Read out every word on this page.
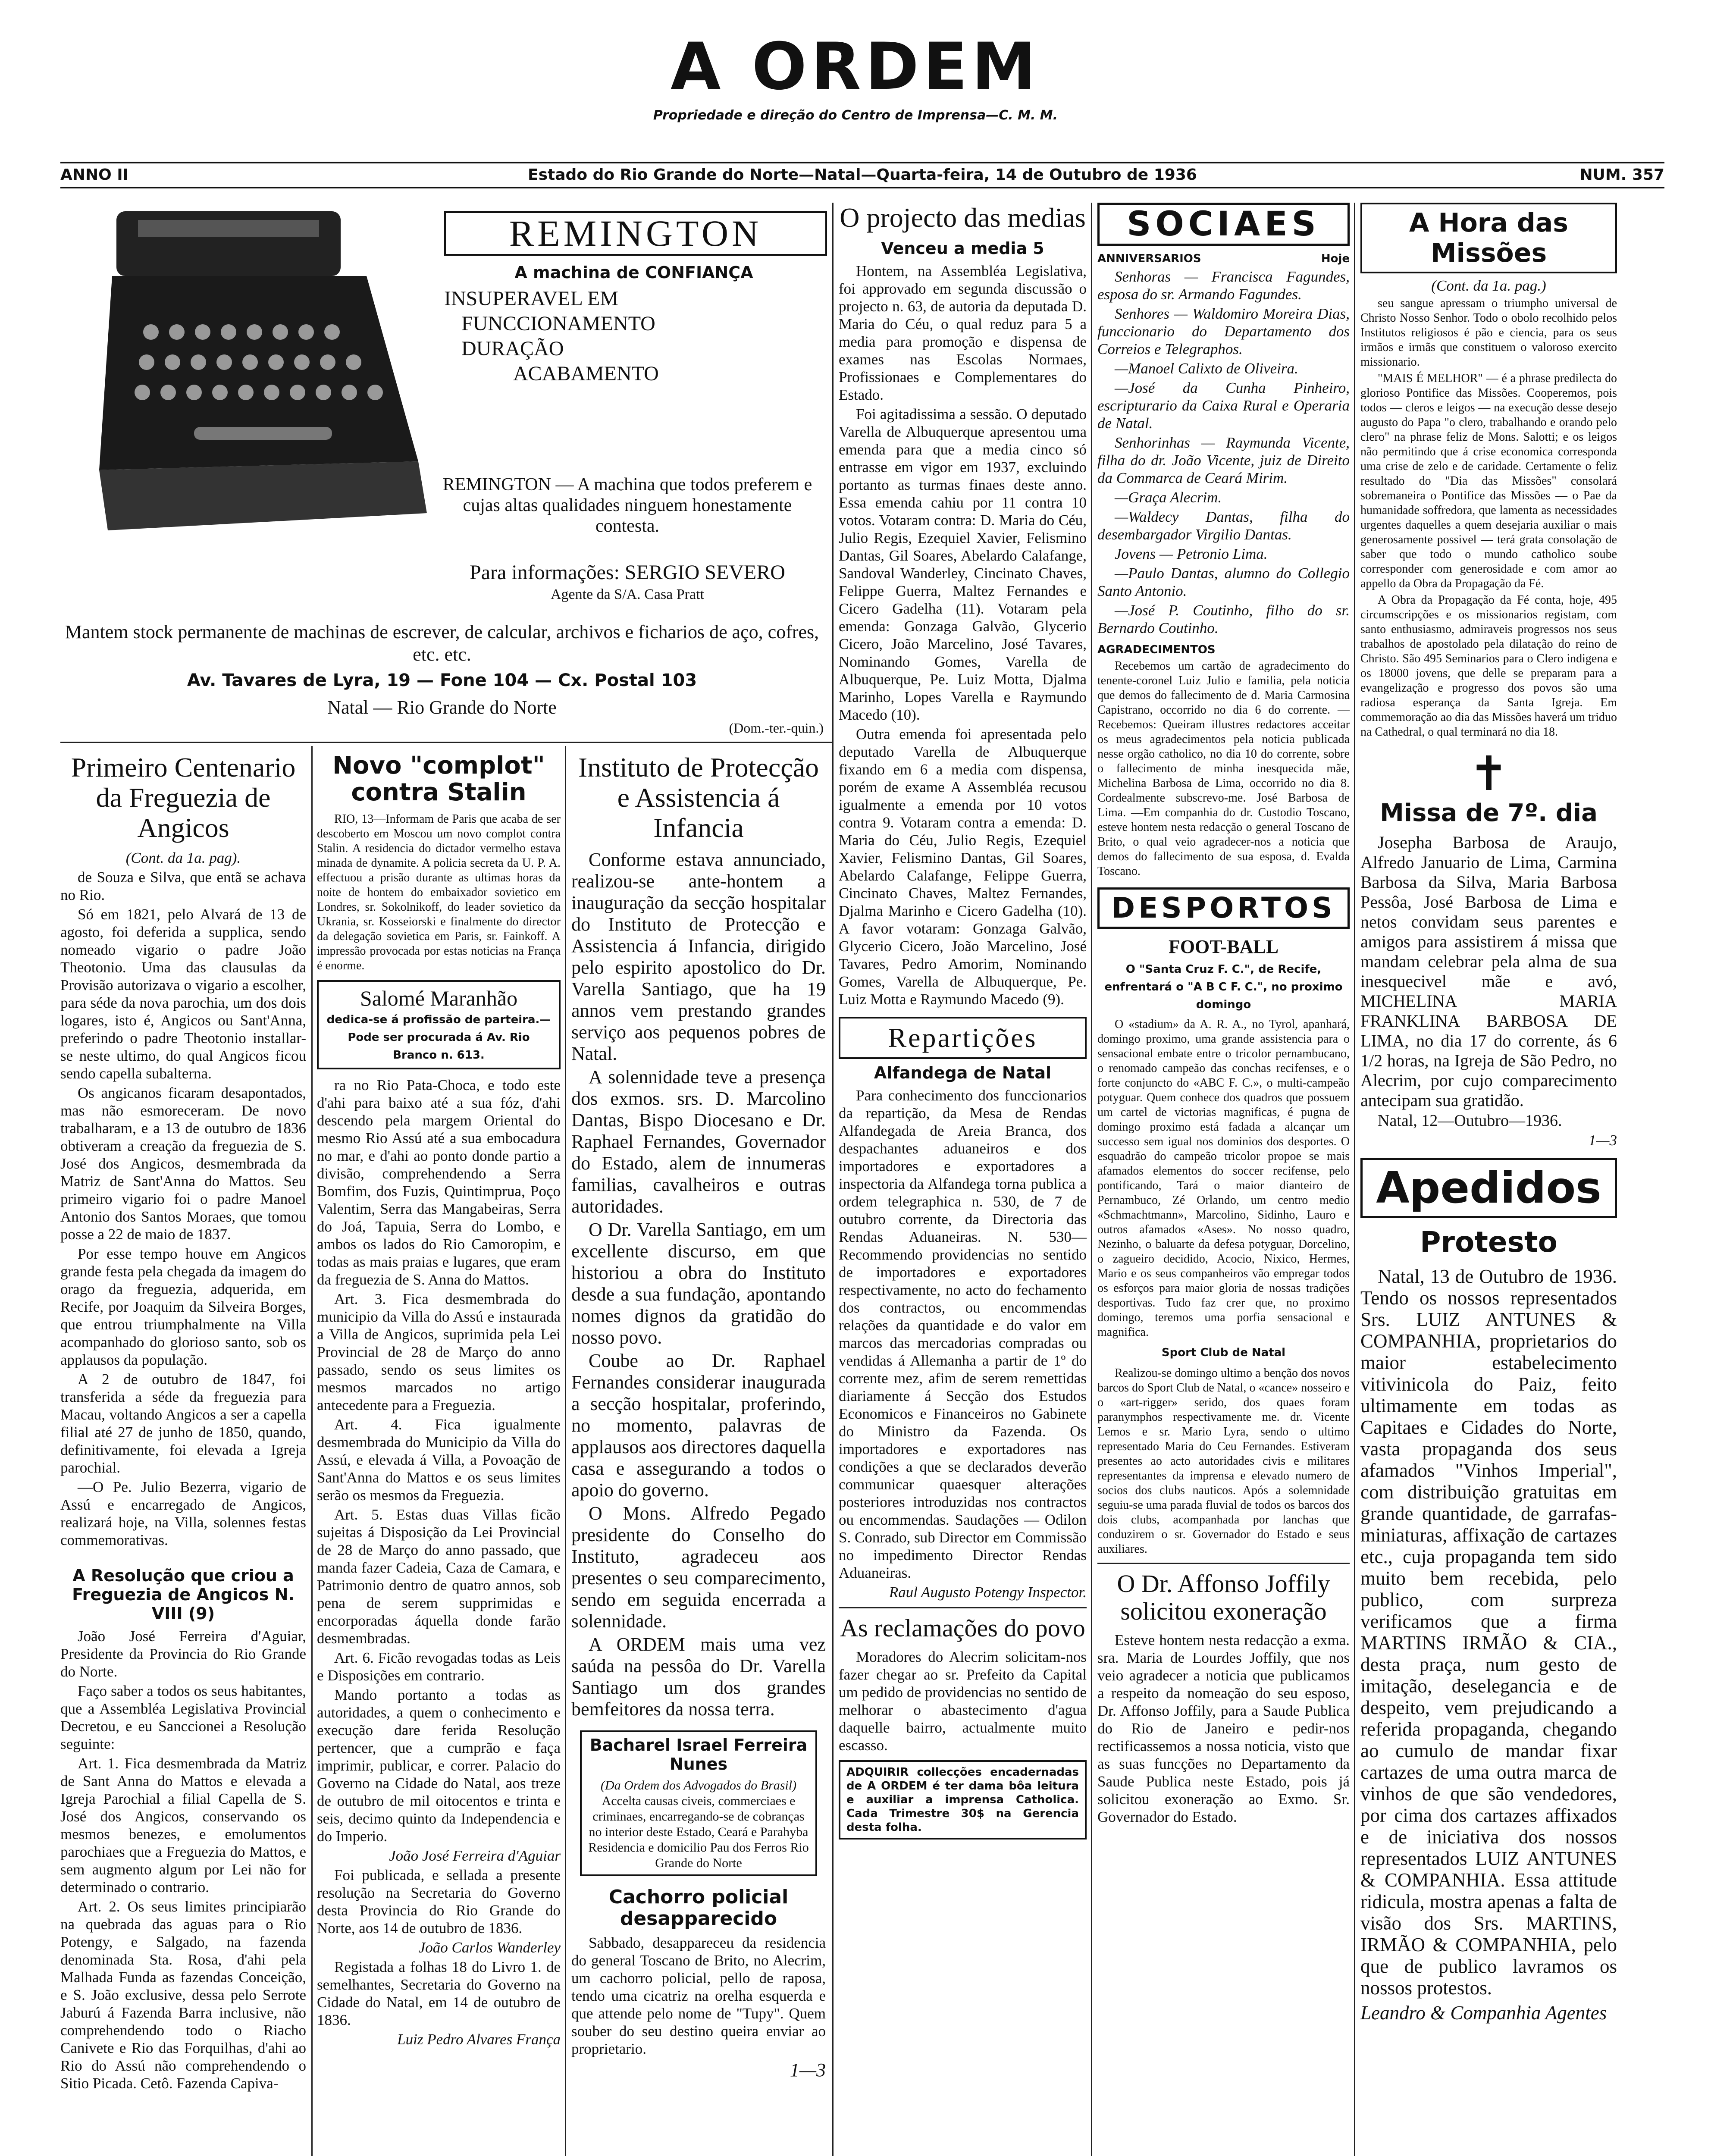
A ORDEM
Propriedade e direção do Centro de Imprensa—C. M. M.
ANNO II	Estado do Rio Grande do Norte—Natal—Quarta-feira, 14 de Outubro de 1936	NUM. 357
REMINGTON
A machina de CONFIANÇA
INSUPERAVEL EM
FUNCCIONAMENTO
DURAÇÃO
ACABAMENTO
REMINGTON — A machina que todos preferem e cujas altas qualidades ninguem honestamente contesta.
Para informações: SERGIO SEVERO
Agente da S/A. Casa Pratt
Mantem stock permanente de machinas de escrever, de calcular, archivos e ficharios de aço, cofres, etc. etc.
Av. Tavares de Lyra, 19 — Fone 104 — Cx. Postal 103
Natal — Rio Grande do Norte
(Dom.-ter.-quin.)
Primeiro Centenario da Freguezia de Angicos

(Cont. da 1a. pag).

de Souza e Silva, que entã se achava no Rio.

Só em 1821, pelo Alvará de 13 de agosto, foi deferida a supplica, sendo nomeado vigario o padre João Theotonio. Uma das clausulas da Provisão autorizava o vigario a escolher, para séde da nova parochia, um dos dois logares, isto é, Angicos ou Sant'Anna, preferindo o padre Theotonio installar-se neste ultimo, do qual Angicos ficou sendo capella subalterna.

Os angicanos ficaram desapontados, mas não esmoreceram. De novo trabalharam, e a 13 de outubro de 1836 obtiveram a creação da freguezia de S. José dos Angicos, desmembrada da Matriz de Sant'Anna do Mattos. Seu primeiro vigario foi o padre Manoel Antonio dos Santos Moraes, que tomou posse a 22 de maio de 1837.

Por esse tempo houve em Angicos grande festa pela chegada da imagem do orago da freguezia, adquerida, em Recife, por Joaquim da Silveira Borges, que entrou triumphalmente na Villa acompanhado do glorioso santo, sob os applausos da população.

A 2 de outubro de 1847, foi transferida a séde da freguezia para Macau, voltando Angicos a ser a capella filial até 27 de junho de 1850, quando, definitivamente, foi elevada a Igreja parochial.

—O Pe. Julio Bezerra, vigario de Assú e encarregado de Angicos, realizará hoje, na Villa, solennes festas commemorativas.

A Resolução que criou a Freguezia de Angicos N. VIII (9)

João José Ferreira d'Aguiar, Presidente da Provincia do Rio Grande do Norte.

Faço saber a todos os seus habitantes, que a Assembléa Legislativa Provincial Decretou, e eu Sanccionei a Resolução seguinte:

Art. 1. Fica desmembrada da Matriz de Sant Anna do Mattos e elevada a Igreja Parochial a filial Capella de S. José dos Angicos, conservando os mesmos benezes, e emolumentos parochiaes que a Freguezia do Mattos, e sem augmento algum por Lei não for determinado o contrario.

Art. 2. Os seus limites principiarão na quebrada das aguas para o Rio Potengy, e Salgado, na fazenda denominada Sta. Rosa, d'ahi pela Malhada Funda as fazendas Conceição, e S. João exclusive, dessa pelo Serrote Jaburú á Fazenda Barra inclusive, não comprehendendo todo o Riacho Canivete e Rio das Forquilhas, d'ahi ao Rio do Assú não comprehendendo o Sitio Picada. Cetô. Fazenda Capiva-

Novo "complot" contra Stalin

RIO, 13—Informam de Paris que acaba de ser descoberto em Moscou um novo complot contra Stalin. A residencia do dictador vermelho estava minada de dynamite. A policia secreta da U. P. A. effectuou a prisão durante as ultimas horas da noite de hontem do embaixador sovietico em Londres, sr. Sokolnikoff, do leader sovietico da Ukrania, sr. Kosseiorski e finalmente do director da delegação sovietica em Paris, sr. Fainkoff. A impressão provocada por estas noticias na França é enorme.

Salomé Maranhão
dedica-se á profissão de parteira.—Pode ser procurada á Av. Rio Branco n. 613.

ra no Rio Pata-Choca, e todo este d'ahi para baixo até a sua fóz, d'ahi descendo pela margem Oriental do mesmo Rio Assú até a sua embocadura no mar, e d'ahi ao ponto donde partio a divisão, comprehendendo a Serra Bomfim, dos Fuzis, Quintimprua, Poço Valentim, Serra das Mangabeiras, Serra do Joá, Tapuia, Serra do Lombo, e ambos os lados do Rio Camoropim, e todas as mais praias e lugares, que eram da freguezia de S. Anna do Mattos.

Art. 3. Fica desmembrada do municipio da Villa do Assú e instaurada a Villa de Angicos, suprimida pela Lei Provincial de 28 de Março do anno passado, sendo os seus limites os mesmos marcados no artigo antecedente para a Freguezia.

Art. 4. Fica igualmente desmembrada do Municipio da Villa do Assú, e elevada á Villa, a Povoação de Sant'Anna do Mattos e os seus limites serão os mesmos da Freguezia.

Art. 5. Estas duas Villas ficão sujeitas á Disposição da Lei Provincial de 28 de Março do anno passado, que manda fazer Cadeia, Caza de Camara, e Patrimonio dentro de quatro annos, sob pena de serem supprimidas e encorporadas áquella donde farão desmembradas.

Art. 6. Ficão revogadas todas as Leis e Disposições em contrario.

Mando portanto a todas as autoridades, a quem o conhecimento e execução dare ferida Resolução pertencer, que a cumprão e faça imprimir, publicar, e correr. Palacio do Governo na Cidade do Natal, aos treze de outubro de mil oitocentos e trinta e seis, decimo quinto da Independencia e do Imperio.

João José Ferreira d'Aguiar

Foi publicada, e sellada a presente resolução na Secretaria do Governo desta Provincia do Rio Grande do Norte, aos 14 de outubro de 1836.

João Carlos Wanderley

Registada a folhas 18 do Livro 1. de semelhantes, Secretaria do Governo na Cidade do Natal, em 14 de outubro de 1836.

Luiz Pedro Alvares França

Instituto de Protecção e Assistencia á Infancia

Conforme estava annunciado, realizou-se ante-hontem a inauguração da secção hospitalar do Instituto de Protecção e Assistencia á Infancia, dirigido pelo espirito apostolico do Dr. Varella Santiago, que ha 19 annos vem prestando grandes serviço aos pequenos pobres de Natal.

A solennidade teve a presença dos exmos. srs. D. Marcolino Dantas, Bispo Diocesano e Dr. Raphael Fernandes, Governador do Estado, alem de innumeras familias, cavalheiros e outras autoridades.

O Dr. Varella Santiago, em um excellente discurso, em que historiou a obra do Instituto desde a sua fundação, apontando nomes dignos da gratidão do nosso povo.

Coube ao Dr. Raphael Fernandes considerar inaugurada a secção hospitalar, proferindo, no momento, palavras de applausos aos directores daquella casa e assegurando a todos o apoio do governo.

O Mons. Alfredo Pegado presidente do Conselho do Instituto, agradeceu aos presentes o seu comparecimento, sendo em seguida encerrada a solennidade.

A ORDEM mais uma vez saúda na pessôa do Dr. Varella Santiago um dos grandes bemfeitores da nossa terra.

Bacharel Israel Ferreira Nunes
(Da Ordem dos Advogados do Brasil)
Accelta causas civeis, commerciaes e criminaes, encarregando-se de cobranças no interior deste Estado, Ceará e Parahyba
Residencia e domicilio Pau dos Ferros Rio Grande do Norte
Cachorro policial desapparecido

Sabbado, desappareceu da residencia do general Toscano de Brito, no Alecrim, um cachorro policial, pello de raposa, tendo uma cicatriz na orelha esquerda e que attende pelo nome de "Tupy". Quem souber do seu destino queira enviar ao proprietario.

1—3

O projecto das medias
Venceu a media 5

Hontem, na Assembléa Legislativa, foi approvado em segunda discussão o projecto n. 63, de autoria da deputada D. Maria do Céu, o qual reduz para 5 a media para promoção e dispensa de exames nas Escolas Normaes, Profissionaes e Complementares do Estado.

Foi agitadissima a sessão. O deputado Varella de Albuquerque apresentou uma emenda para que a media cinco só entrasse em vigor em 1937, excluindo portanto as turmas finaes deste anno. Essa emenda cahiu por 11 contra 10 votos. Votaram contra: D. Maria do Céu, Julio Regis, Ezequiel Xavier, Felismino Dantas, Gil Soares, Abelardo Calafange, Sandoval Wanderley, Cincinato Chaves, Felippe Guerra, Maltez Fernandes e Cicero Gadelha (11). Votaram pela emenda: Gonzaga Galvão, Glycerio Cicero, João Marcelino, José Tavares, Nominando Gomes, Varella de Albuquerque, Pe. Luiz Motta, Djalma Marinho, Lopes Varella e Raymundo Macedo (10).

Outra emenda foi apresentada pelo deputado Varella de Albuquerque fixando em 6 a media com dispensa, porém de exame A Assembléa recusou igualmente a emenda por 10 votos contra 9. Votaram contra a emenda: D. Maria do Céu, Julio Regis, Ezequiel Xavier, Felismino Dantas, Gil Soares, Abelardo Calafange, Felippe Guerra, Cincinato Chaves, Maltez Fernandes, Djalma Marinho e Cicero Gadelha (10). A favor votaram: Gonzaga Galvão, Glycerio Cicero, João Marcelino, José Tavares, Pedro Amorim, Nominando Gomes, Varella de Albuquerque, Pe. Luiz Motta e Raymundo Macedo (9).

Repartições
Alfandega de Natal

Para conhecimento dos funccionarios da repartição, da Mesa de Rendas Alfandegada de Areia Branca, dos despachantes aduaneiros e dos importadores e exportadores a inspectoria da Alfandega torna publica a ordem telegraphica n. 530, de 7 de outubro corrente, da Directoria das Rendas Aduaneiras. N. 530—Recommendo providencias no sentido de importadores e exportadores respectivamente, no acto do fechamento dos contractos, ou encommendas relações da quantidade e do valor em marcos das mercadorias compradas ou vendidas á Allemanha a partir de 1º do corrente mez, afim de serem remettidas diariamente á Secção dos Estudos Economicos e Financeiros no Gabinete do Ministro da Fazenda. Os importadores e exportadores nas condições a que se declarados deverão communicar quaesquer alterações posteriores introduzidas nos contractos ou encommendas. Saudações — Odilon S. Conrado, sub Director em Commissão no impedimento Director Rendas Aduaneiras.

Raul Augusto Potengy Inspector.

As reclamações do povo

Moradores do Alecrim solicitam-nos fazer chegar ao sr. Prefeito da Capital um pedido de providencias no sentido de melhorar o abastecimento d'agua daquelle bairro, actualmente muito escasso.

ADQUIRIR collecções encadernadas de A ORDEM é ter dama bôa leitura e auxiliar a imprensa Catholica. Cada Trimestre 30$ na Gerencia desta folha.
SOCIAES
ANNIVERSARIOS	Hoje

Senhoras — Francisca Fagundes, esposa do sr. Armando Fagundes.

Senhores — Waldomiro Moreira Dias, funccionario do Departamento dos Correios e Telegraphos.

—Manoel Calixto de Oliveira.

—José da Cunha Pinheiro, escripturario da Caixa Rural e Operaria de Natal.

Senhorinhas — Raymunda Vicente, filha do dr. João Vicente, juiz de Direito da Commarca de Ceará Mirim.

—Graça Alecrim.

—Waldecy Dantas, filha do desembargador Virgilio Dantas.

Jovens — Petronio Lima.

—Paulo Dantas, alumno do Collegio Santo Antonio.

—José P. Coutinho, filho do sr. Bernardo Coutinho.

AGRADECIMENTOS

Recebemos um cartão de agradecimento do tenente-coronel Luiz Julio e familia, pela noticia que demos do fallecimento de d. Maria Carmosina Capistrano, occorrido no dia 6 do corrente. —Recebemos: Queiram illustres redactores acceitar os meus agradecimentos pela noticia publicada nesse orgão catholico, no dia 10 do corrente, sobre o fallecimento de minha inesquecida mãe, Michelina Barbosa de Lima, occorrido no dia 8. Cordealmente subscrevo-me. José Barbosa de Lima. —Em companhia do dr. Custodio Toscano, esteve hontem nesta redacção o general Toscano de Brito, o qual veio agradecer-nos a noticia que demos do fallecimento de sua esposa, d. Evalda Toscano.

DESPORTOS
FOOT-BALL
O "Santa Cruz F. C.", de Recife, enfrentará o "A B C F. C.", no proximo domingo

O «stadium» da A. R. A., no Tyrol, apanhará, domingo proximo, uma grande assistencia para o sensacional embate entre o tricolor pernambucano, o renomado campeão das conchas recifenses, e o forte conjuncto do «ABC F. C.», o multi-campeão potyguar. Quem conhece dos quadros que possuem um cartel de victorias magnificas, é pugna de domingo proximo está fadada a alcançar um successo sem igual nos dominios dos desportes. O esquadrão do campeão tricolor propoe se mais afamados elementos do soccer recifense, pelo pontificando, Tará o maior dianteiro de Pernambuco, Zé Orlando, um centro medio «Schmachtmann», Marcolino, Sidinho, Lauro e outros afamados «Ases». No nosso quadro, Nezinho, o baluarte da defesa potyguar, Dorcelino, o zagueiro decidido, Acocio, Nixico, Hermes, Mario e os seus companheiros vão empregar todos os esforços para maior gloria de nossas tradições desportivas. Tudo faz crer que, no proximo domingo, teremos uma porfia sensacional e magnifica.

Sport Club de Natal

Realizou-se domingo ultimo a benção dos novos barcos do Sport Club de Natal, o «cance» nosseiro e o «art-rigger» serido, dos quaes foram paranymphos respectivamente me. dr. Vicente Lemos e sr. Mario Lyra, sendo o ultimo representado Maria do Ceu Fernandes. Estiveram presentes ao acto autoridades civis e militares representantes da imprensa e elevado numero de socios dos clubs nauticos. Após a solemnidade seguiu-se uma parada fluvial de todos os barcos dos dois clubs, acompanhada por lanchas que conduzirem o sr. Governador do Estado e seus auxiliares.

O Dr. Affonso Joffily solicitou exoneração

Esteve hontem nesta redacção a exma. sra. Maria de Lourdes Joffily, que nos veio agradecer a noticia que publicamos a respeito da nomeação do seu esposo, Dr. Affonso Joffily, para a Saude Publica do Rio de Janeiro e pedir-nos rectificassemos a nossa noticia, visto que as suas funcções no Departamento da Saude Publica neste Estado, pois já solicitou exoneração ao Exmo. Sr. Governador do Estado.

A Hora das Missões

(Cont. da 1a. pag.)

seu sangue apressam o triumpho universal de Christo Nosso Senhor. Todo o obolo recolhido pelos Institutos religiosos é pão e ciencia, para os seus irmãos e irmãs que constituem o valoroso exercito missionario.

"MAIS É MELHOR" — é a phrase predilecta do glorioso Pontifice das Missões. Cooperemos, pois todos — cleros e leigos — na execução desse desejo augusto do Papa "o clero, trabalhando e orando pelo clero" na phrase feliz de Mons. Salotti; e os leigos não permitindo que á crise economica corresponda uma crise de zelo e de caridade. Certamente o feliz resultado do "Dia das Missões" consolará sobremaneira o Pontifice das Missões — o Pae da humanidade soffredora, que lamenta as necessidades urgentes daquelles a quem desejaria auxiliar o mais generosamente possivel — terá grata consolação de saber que todo o mundo catholico soube corresponder com generosidade e com amor ao appello da Obra da Propagação da Fé.

A Obra da Propagação da Fé conta, hoje, 495 circumscripções e os missionarios registam, com santo enthusiasmo, admiraveis progressos nos seus trabalhos de apostolado pela dilatação do reino de Christo. São 495 Seminarios para o Clero indigena e os 18000 jovens, que delle se preparam para a evangelização e progresso dos povos são uma radiosa esperança da Santa Igreja. Em commemoração ao dia das Missões haverá um triduo na Cathedral, o qual terminará no dia 18.

✝
Missa de 7º. dia

Josepha Barbosa de Araujo, Alfredo Januario de Lima, Carmina Barbosa da Silva, Maria Barbosa Pessôa, José Barbosa de Lima e netos convidam seus parentes e amigos para assistirem á missa que mandam celebrar pela alma de sua inesquecivel mãe e avó, MICHELINA MARIA FRANKLINA BARBOSA DE LIMA, no dia 17 do corrente, ás 6 1/2 horas, na Igreja de São Pedro, no Alecrim, por cujo comparecimento antecipam sua gratidão.

Natal, 12—Outubro—1936.

1—3

Apedidos
Protesto

Natal, 13 de Outubro de 1936. Tendo os nossos representados Srs. LUIZ ANTUNES & COMPANHIA, proprietarios do maior estabelecimento vitivinicola do Paiz, feito ultimamente em todas as Capitaes e Cidades do Norte, vasta propaganda dos seus afamados "Vinhos Imperial", com distribuição gratuitas em grande quantidade, de garrafas-miniaturas, affixação de cartazes etc., cuja propaganda tem sido muito bem recebida, pelo publico, com surpreza verificamos que a firma MARTINS IRMÃO & CIA., desta praça, num gesto de imitação, deselegancia e de despeito, vem prejudicando a referida propaganda, chegando ao cumulo de mandar fixar cartazes de uma outra marca de vinhos de que são vendedores, por cima dos cartazes affixados e de iniciativa dos nossos representados LUIZ ANTUNES & COMPANHIA. Essa attitude ridicula, mostra apenas a falta de visão dos Srs. MARTINS, IRMÃO & COMPANHIA, pelo que de publico lavramos os nossos protestos.

Leandro & Companhia Agentes
